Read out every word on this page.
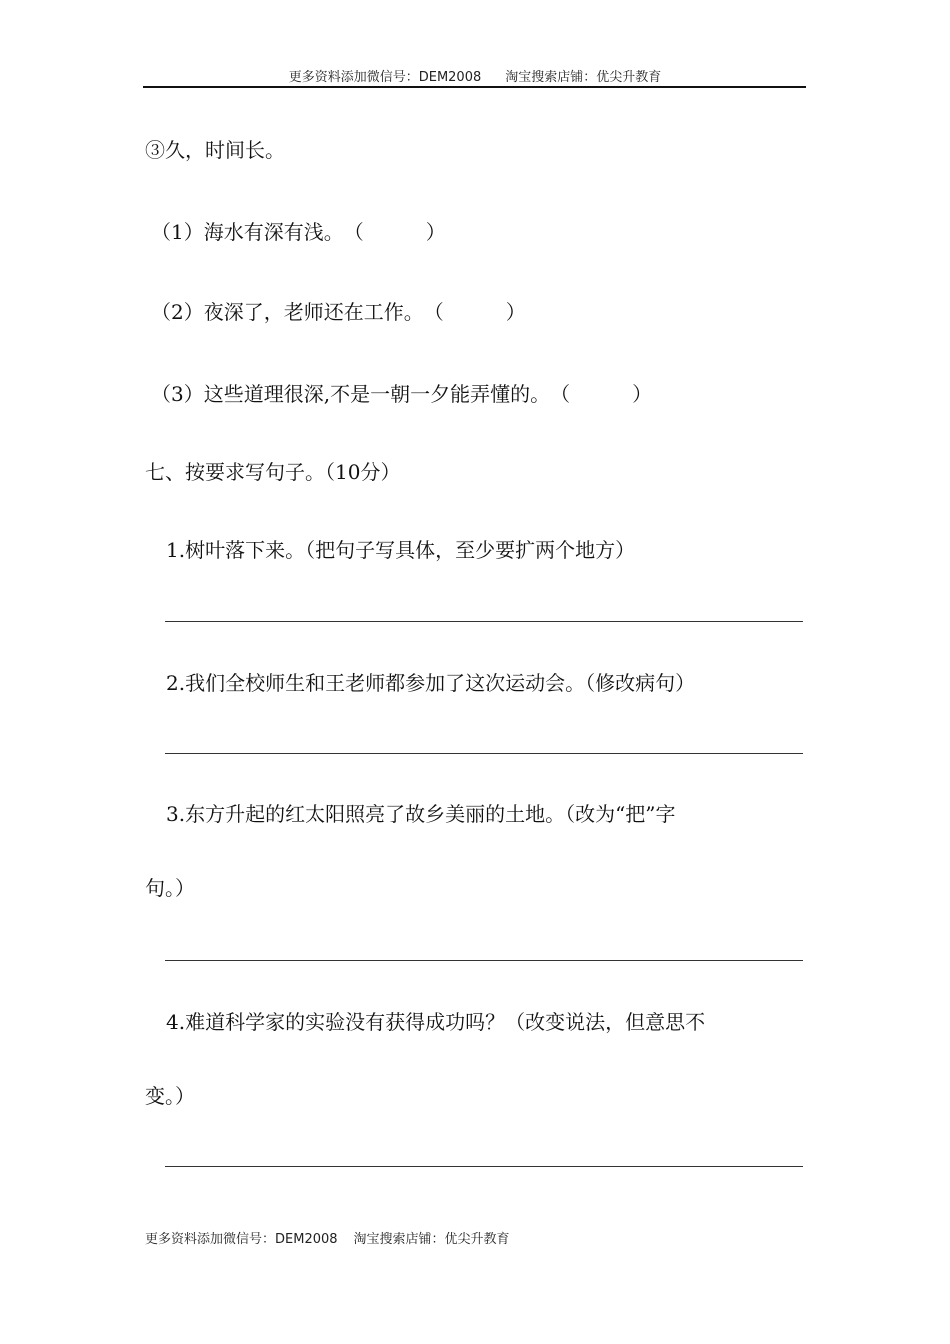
更多资料添加微信号：DEM2008 淘宝搜索店铺：优尖升教育
③久，时间长。
（1）海水有深有浅。（	）
（2）夜深了，老师还在工作。（	）
（3）这些道理很深,不是一朝一夕能弄懂的。（	）
七、按要求写句子。（10分）
1.树叶落下来。（把句子写具体，至少要扩两个地方）
2.我们全校师生和王老师都参加了这次运动会。（修改病句）
3.东方升起的红太阳照亮了故乡美丽的土地。（改为“把”字
句。）
4.难道科学家的实验没有获得成功吗？（改变说法，但意思不
变。）
更多资料添加微信号：DEM2008 淘宝搜索店铺：优尖升教育
